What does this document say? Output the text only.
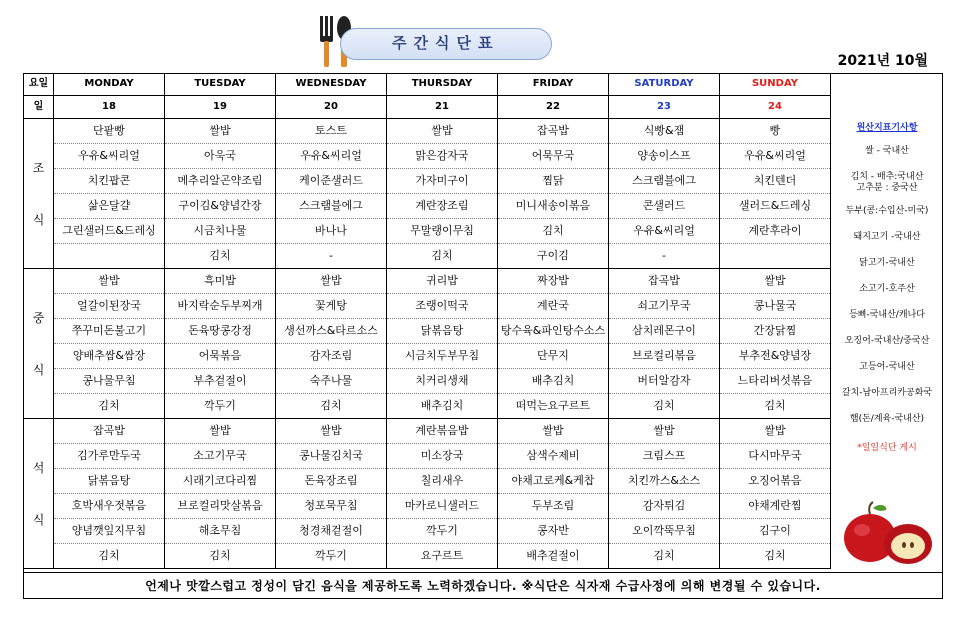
주간식단표
2021년 10월
요일	MONDAY	TUESDAY	WEDNESDAY	THURSDAY	FRIDAY	SATURDAY	SUNDAY
일	18	19	20	21	22	23	24
조

식	단팥빵	쌀밥	토스트	쌀밥	잡곡밥	식빵&잼	빵
	우유&씨리얼	아욱국	우유&씨리얼	맑은감자국	어묵무국	양송이스프	우유&씨리얼
	치킨팝콘	메추리알곤약조림	케이준샐러드	가자미구이	찜닭	스크램블에그	치킨텐더
	삶은달걀	구이김&양념간장	스크램블에그	계란장조림	미니새송이볶음	콘샐러드	샐러드&드레싱
	그린샐러드&드레싱	시금치나물	바나나	무말랭이무침	김치	우유&씨리얼	계란후라이
		김치	-	김치	구이김	-	
중

식	쌀밥	흑미밥	쌀밥	귀리밥	짜장밥	잡곡밥	쌀밥
	얼갈이된장국	바지락순두부찌개	꽃게탕	조랭이떡국	계란국	쇠고기무국	콩나물국
	쭈꾸미돈불고기	돈육땅콩강정	생선까스&타르소스	닭볶음탕	탕수육&파인탕수소스	삼치레몬구이	간장닭찜
	양배추쌈&쌈장	어묵볶음	감자조림	시금치두부무침	단무지	브로컬리볶음	부추전&양념장
	콩나물무침	부추겉절이	숙주나물	치커리생채	배추김치	버터알감자	느타리버섯볶음
	김치	깍두기	김치	배추김치	떠먹는요구르트	김치	김치
석

식	잡곡밥	쌀밥	쌀밥	계란볶음밥	쌀밥	쌀밥	쌀밥
	김가루만두국	소고기무국	콩나물김치국	미소장국	삼색수제비	크림스프	다시마무국
	닭볶음탕	시래기코다리찜	돈육장조림	칠리새우	야채고로케&케찹	치킨까스&소스	오징어볶음
	호박새우젓볶음	브로컬리맛살볶음	청포묵무침	마카로니샐러드	두부조림	감자튀김	야채계란찜
	양념깻잎지무침	해초무침	청경채겉절이	깍두기	콩자반	오이깍뚝무침	김구이
	김치	김치	깍두기	요구르트	배추겉절이	김치	김치
원산지표기사항
쌀 - 국내산
김치 - 배추:국내산
고추분 : 중국산
두부(콩:수입산-미국)
돼지고기 -국내산
닭고기-국내산
소고기-호주산
등뼈-국내산/캐나다
오징어-국내산/중국산
고등어-국내산
갈치-남아프리카공화국
햄(돈/계육-국내산)
*일일식단 게시
언제나 맛깔스럽고 정성이 담긴 음식을 제공하도록 노력하겠습니다. ※식단은 식자재 수급사정에 의해 변경될 수 있습니다.
